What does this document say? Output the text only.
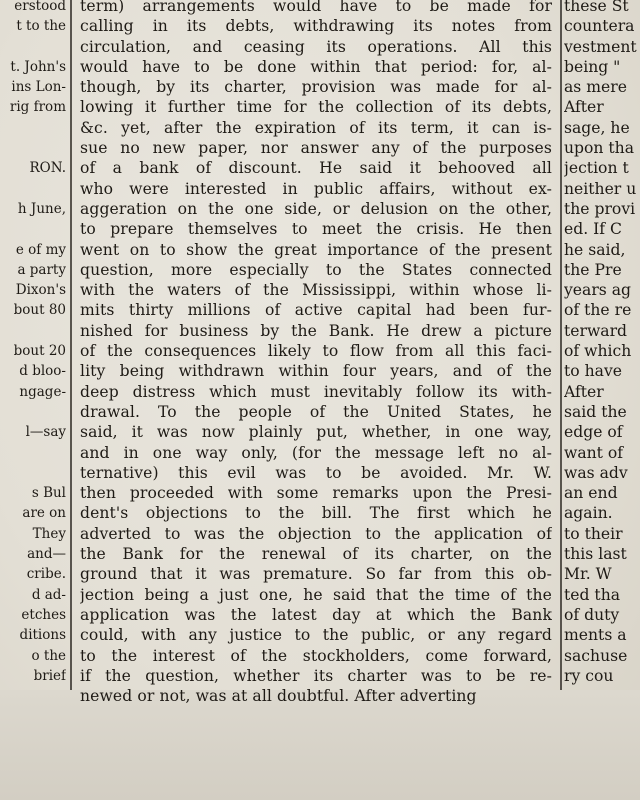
erstood
t to the

t. John's
ins Lon-
rig from

RON.

h June,

e of my
a party
Dixon's
bout 80

bout 20
d bloo-
ngage-

l—say

s Bul
are on
They
and—
cribe.
d ad-
etches
ditions
o the
brief
term) arrangements would have to be made for
calling in its debts, withdrawing its notes from
circulation, and ceasing its operations. All this
would have to be done within that period: for, al-
though, by its charter, provision was made for al-
lowing it further time for the collection of its debts,
&c. yet, after the expiration of its term, it can is-
sue no new paper, nor answer any of the purposes
of a bank of discount. He said it behooved all
who were interested in public affairs, without ex-
aggeration on the one side, or delusion on the other,
to prepare themselves to meet the crisis. He then
went on to show the great importance of the present
question, more especially to the States connected
with the waters of the Mississippi, within whose li-
mits thirty millions of active capital had been fur-
nished for business by the Bank. He drew a picture
of the consequences likely to flow from all this faci-
lity being withdrawn within four years, and of the
deep distress which must inevitably follow its with-
drawal. To the people of the United States, he
said, it was now plainly put, whether, in one way,
and in one way only, (for the message left no al-
ternative) this evil was to be avoided. Mr. W.
then proceeded with some remarks upon the Presi-
dent's objections to the bill. The first which he
adverted to was the objection to the application of
the Bank for the renewal of its charter, on the
ground that it was premature. So far from this ob-
jection being a just one, he said that the time of the
application was the latest day at which the Bank
could, with any justice to the public, or any regard
to the interest of the stockholders, come forward,
if the question, whether its charter was to be re-
newed or not, was at all doubtful. After adverting
these St
countera
vestment
being "
as mere
After
sage, he
upon tha
jection t
neither u
the provi
ed. If C
he said,
the Pre
years ag
of the re
terward
of which
to have
After
said the
edge of
want of
was adv
an end
again.
to their
this last
Mr. W
ted tha
of duty
ments a
sachuse
ry cou
